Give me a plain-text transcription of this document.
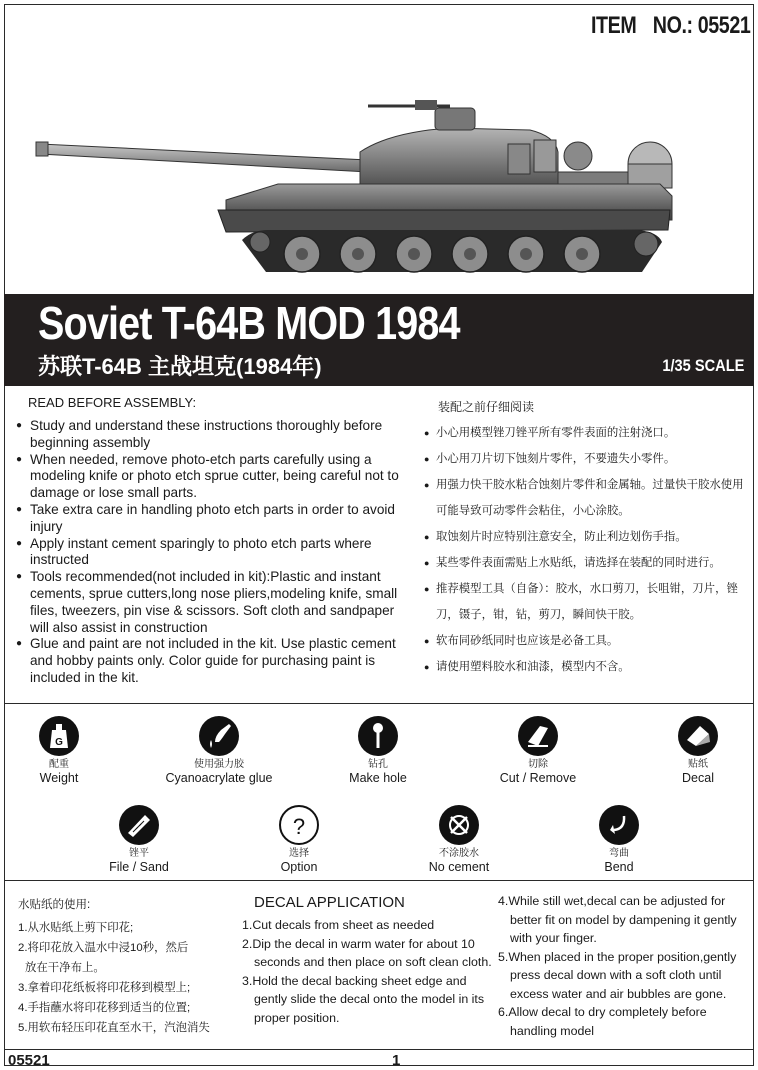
ITEM NO.: 05521
Soviet T-64B MOD 1984
苏联T-64B 主战坦克(1984年)	1/35 SCALE
READ BEFORE ASSEMBLY:
● Study and understand these instructions thoroughly before beginning assembly
● When needed, remove photo-etch parts carefully using a modeling knife or photo etch sprue cutter, being careful not to damage or lose small parts.
● Take extra care in handling photo etch parts in order to avoid injury
● Apply instant cement sparingly to photo etch parts where instructed
● Tools recommended(not included in kit):Plastic and instant cements, sprue cutters,long nose pliers,modeling knife, small files, tweezers, pin vise & scissors. Soft cloth and sandpaper will also assist in construction
● Glue and paint are not included in the kit. Use plastic cement and hobby paints only. Color guide for purchasing paint is included in the kit.
装配之前仔细阅读
● 小心用模型锉刀锉平所有零件表面的注射浇口。
● 小心用刀片切下蚀刻片零件，不要遗失小零件。
● 用强力快干胶水粘合蚀刻片零件和金属轴。过量快干胶水使用可能导致可动零件会粘住，小心涂胶。
● 取蚀刻片时应特别注意安全，防止利边划伤手指。
● 某些零件表面需贴上水贴纸，请选择在装配的同时进行。
● 推荐模型工具（自备）：胶水，水口剪刀，长咀钳，刀片，锉刀，镊子，钳，钻，剪刀，瞬间快干胶。
● 软布同砂纸同时也应该是必备工具。
● 请使用塑料胶水和油漆，模型内不含。
G
配重
Weight
使用强力胶
Cyanoacrylate glue
钻孔
Make hole
切除
Cut / Remove
贴纸
Decal
锉平
File / Sand
?
选择
Option
不涂胶水
No cement
弯曲
Bend
水贴纸的使用:
1.从水贴纸上剪下印花;
2.将印花放入温水中浸10秒，然后
放在干净布上。
3.拿着印花纸板将印花移到模型上;
4.手指蘸水将印花移到适当的位置;
5.用软布轻压印花直至水干，汽泡消失
DECAL APPLICATION
1.Cut decals from sheet as needed
2.Dip the decal in warm water for about 10 seconds and then place on soft clean cloth.
3.Hold the decal backing sheet edge and gently slide the decal onto the model in its proper position.
4.While still wet,decal can be adjusted for better fit on model by dampening it gently with your finger.
5.When placed in the proper position,gently press decal down with a soft cloth until excess water and air bubbles are gone.
6.Allow decal to dry completely before handling model
05521	1
